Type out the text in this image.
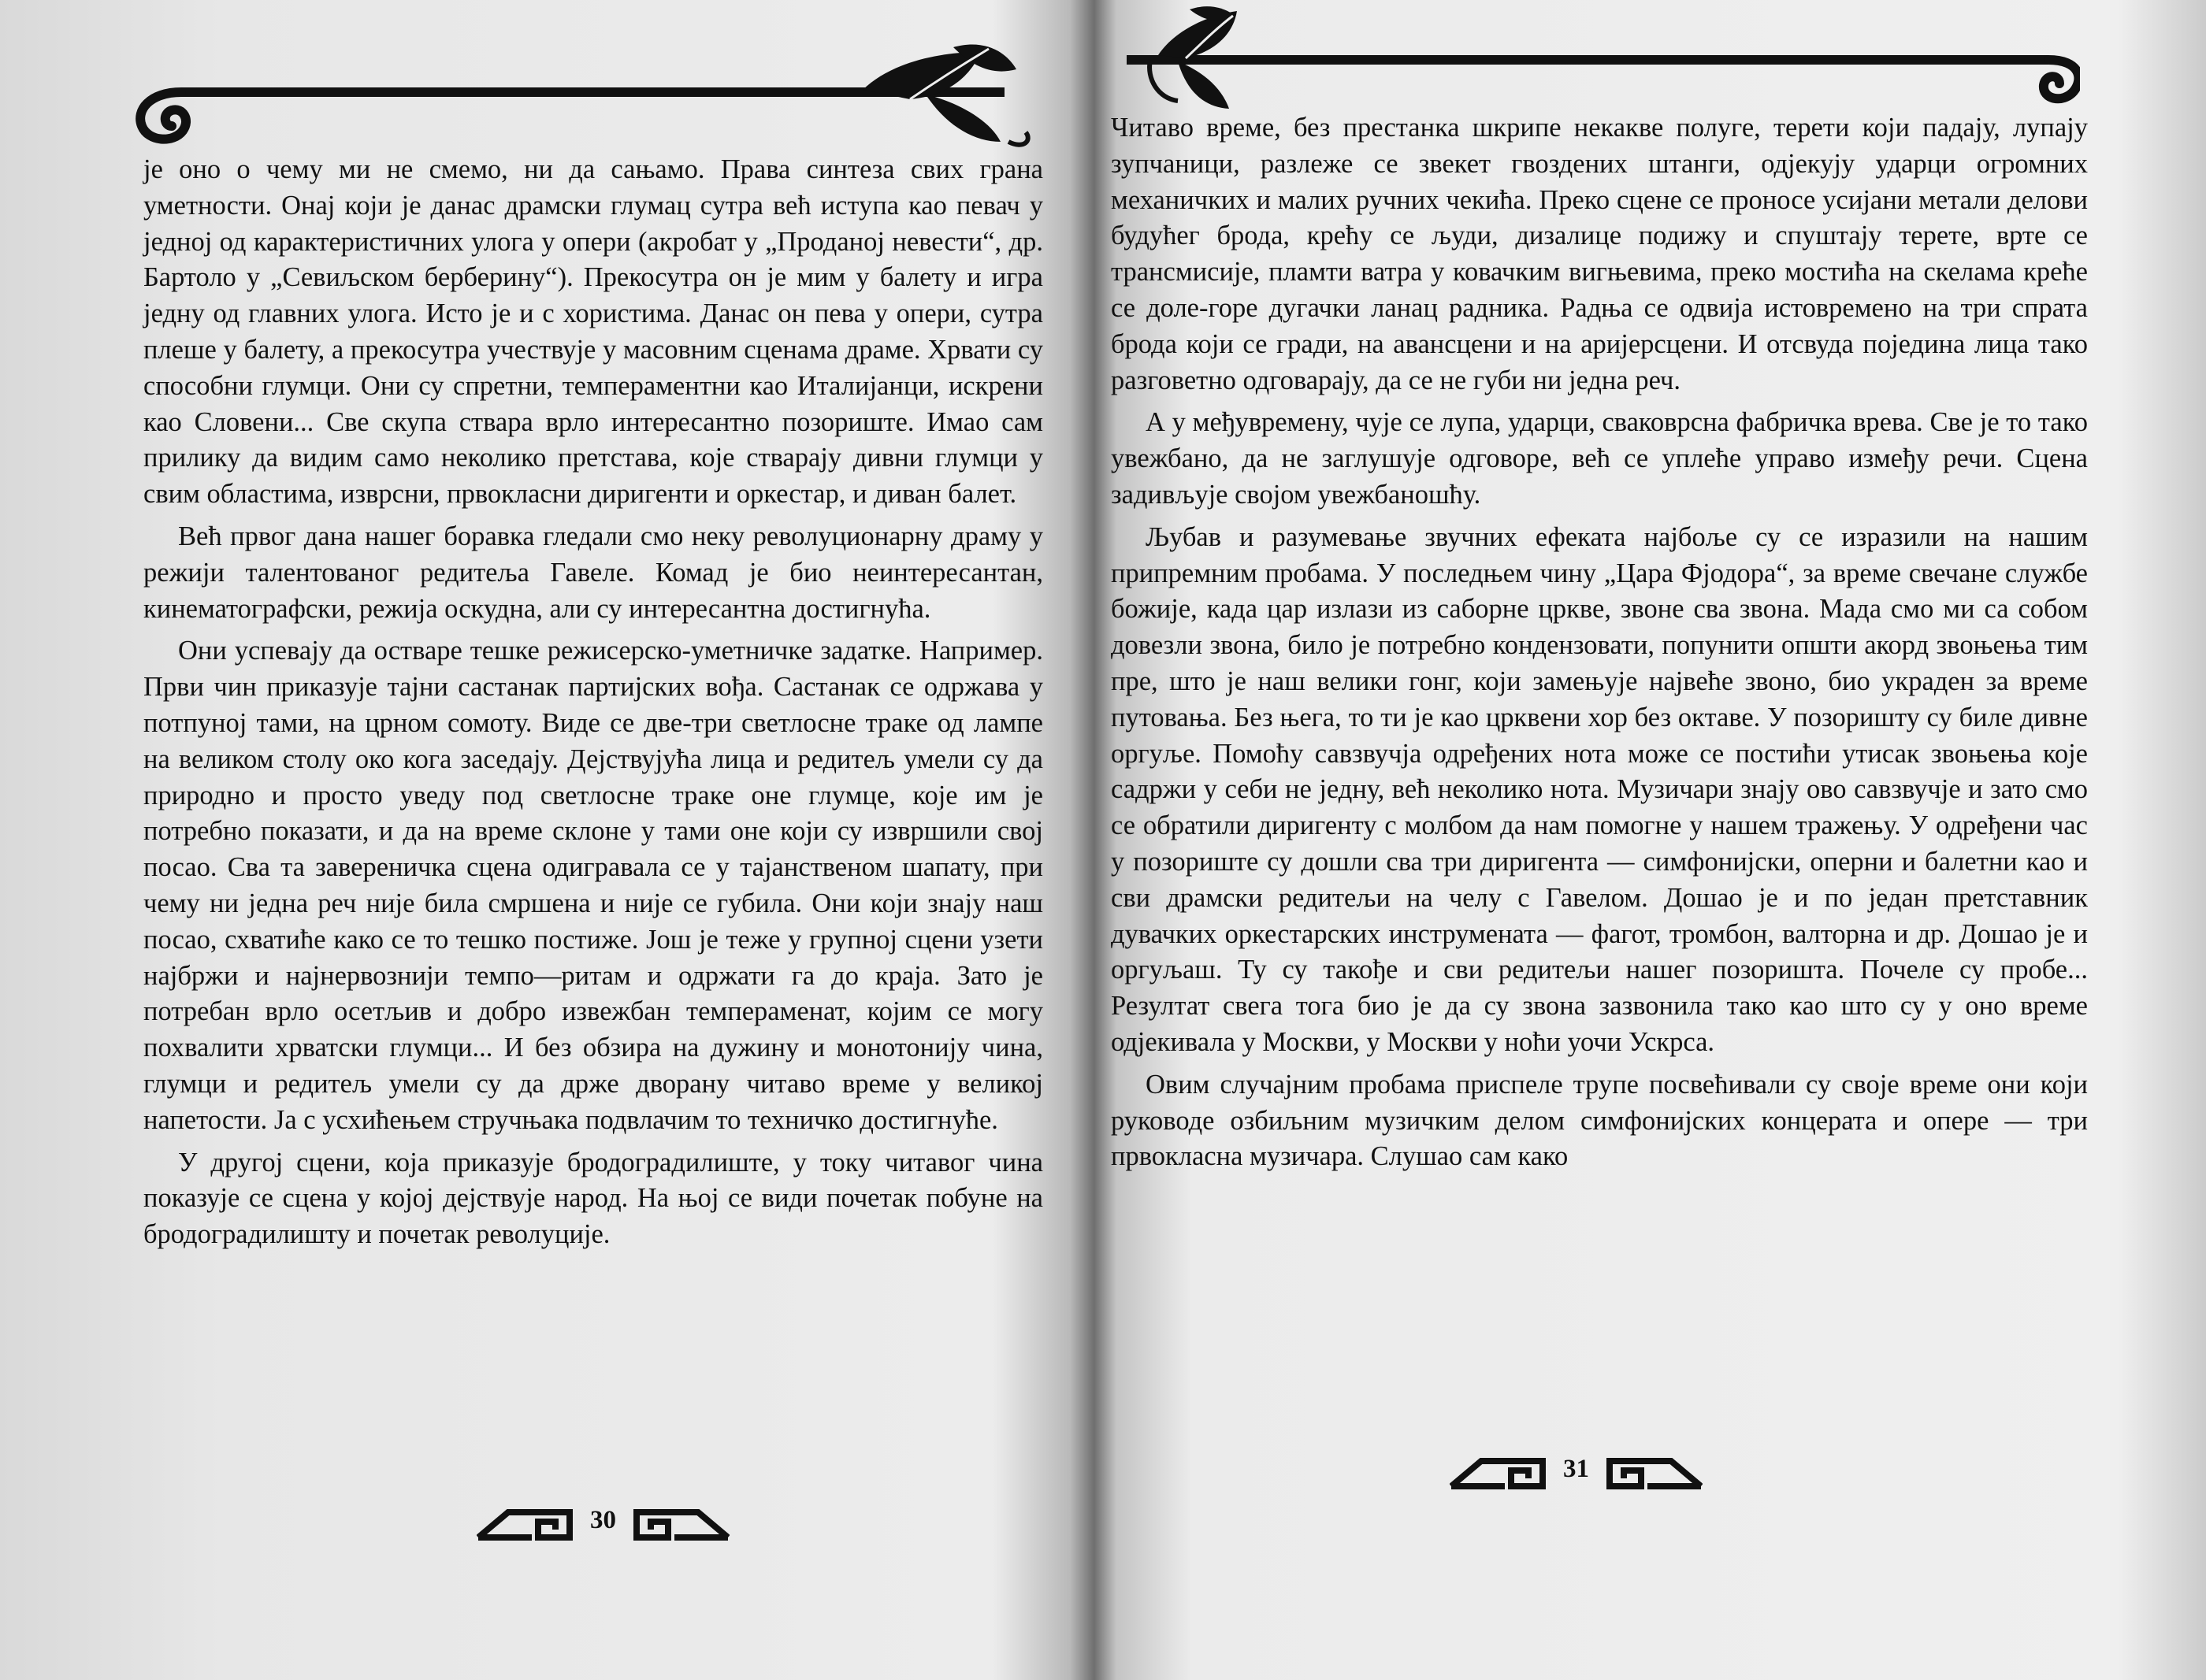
је оно о чему ми не смемо, ни да сањамо. Права синтеза свих грана уметности. Онај који је данас драмски глумац сутра већ иступа као певач у једној од карактеристичних улога у опери (акробат у „Проданој невести“, др. Бартоло у „Севиљском берберину“). Прекосутра он је мим у балету и игра једну од главних улога. Исто је и с хористима. Данас он пева у опери, сутра плеше у балету, а прекосутра учествује у масовним сценама драме. Хрвати су способни глумци. Они су спретни, темпераментни као Италијанци, искрени као Словени... Све скупа ствара врло интересантно позориште. Имао сам прилику да видим само неколико претстава, које стварају дивни глумци у свим областима, изврсни, првокласни диригенти и оркестар, и диван балет.

Већ првог дана нашег боравка гледали смо неку револуционарну драму у режији талентованог редитеља Гавеле. Комад је био неинтересантан, кинематографски, режија оскудна, али су интересантна достигнућа.

Они успевају да остваре тешке режисерско-уметничке задатке. Например. Први чин приказује тајни састанак партијских вођа. Састанак се одржава у потпуној тами, на црном сомоту. Виде се две-три светлосне траке од лампе на великом столу око кога заседају. Дејствујућа лица и редитељ умели су да природно и просто уведу под светлосне траке оне глумце, које им је потребно показати, и да на време склоне у тами оне који су извршили свој посао. Сва та завереничка сцена одигравала се у тајанственом шапату, при чему ни једна реч није била смршена и није се губила. Они који знају наш посао, схватиће како се то тешко постиже. Још је теже у групној сцени узети најбржи и најнервознији темпо—ритам и одржати га до краја. Зато је потребан врло осетљив и добро извежбан темпераменат, којим се могу похвалити хрватски глумци... И без обзира на дужину и монотонију чина, глумци и редитељ умели су да држе дворану читаво време у великој напетости. Ја с усхићењем стручњака подвлачим то техничко достигнуће.

У другој сцени, која приказује бродоградилиште, у току читавог чина показује се сцена у којој дејствује народ. На њој се види почетак побуне на бродоградилишту и почетак револуције.

30

Читаво време, без престанка шкрипе некакве полуге, терети који падају, лупају зупчаници, разлеже се звекет гвоздених штанги, одјекују ударци огромних механичких и малих ручних чекића. Преко сцене се проносе усијани метали делови будућег брода, крећу се људи, дизалице подижу и спуштају терете, врте се трансмисије, пламти ватра у ковачким вигњевима, преко мостића на скелама креће се доле-горе дугачки ланац радника. Радња се одвија истовремено на три спрата брода који се гради, на авансцени и на аријерсцени. И отсвуда поједина лица тако разговетно одговарају, да се не губи ни једна реч.

А у међувремену, чује се лупа, ударци, сваковрсна фабричка врева. Све је то тако увежбано, да не заглушује одговоре, већ се уплеће управо између речи. Сцена задивљује својом увежбаношћу.

Љубав и разумевање звучних ефеката најбоље су се изразили на нашим припремним пробама. У последњем чину „Цара Фјодора“, за време свечане службе божије, када цар излази из саборне цркве, звоне сва звона. Мада смо ми са собом довезли звона, било је потребно кондензовати, попунити општи акорд звоњења тим пре, што је наш велики гонг, који замењује највеће звоно, био украден за време путовања. Без њега, то ти је као црквени хор без октаве. У позоришту су биле дивне оргуље. Помоћу савзвучја одређених нота може се постићи утисак звоњења које садржи у себи не једну, већ неколико нота. Музичари знају ово савзвучје и зато смо се обратили диригенту с молбом да нам помогне у нашем тражењу. У одређени час у позориште су дошли сва три диригента — симфонијски, оперни и балетни као и сви драмски редитељи на челу с Гавелом. Дошао је и по један претставник дувачких оркестарских инструмената — фагот, тромбон, валторна и др. Дошао је и оргуљаш. Ту су такође и сви редитељи нашег позоришта. Почеле су пробе... Резултат свега тога био је да су звона зазвонила тако као што су у оно време одјекивала у Москви, у Москви у ноћи уочи Ускрса.

Овим случајним пробама приспеле трупе посвећивали су своје време они који руководе озбиљним музичким делом симфонијских концерата и опере — три првокласна музичара. Слушао сам како

31
